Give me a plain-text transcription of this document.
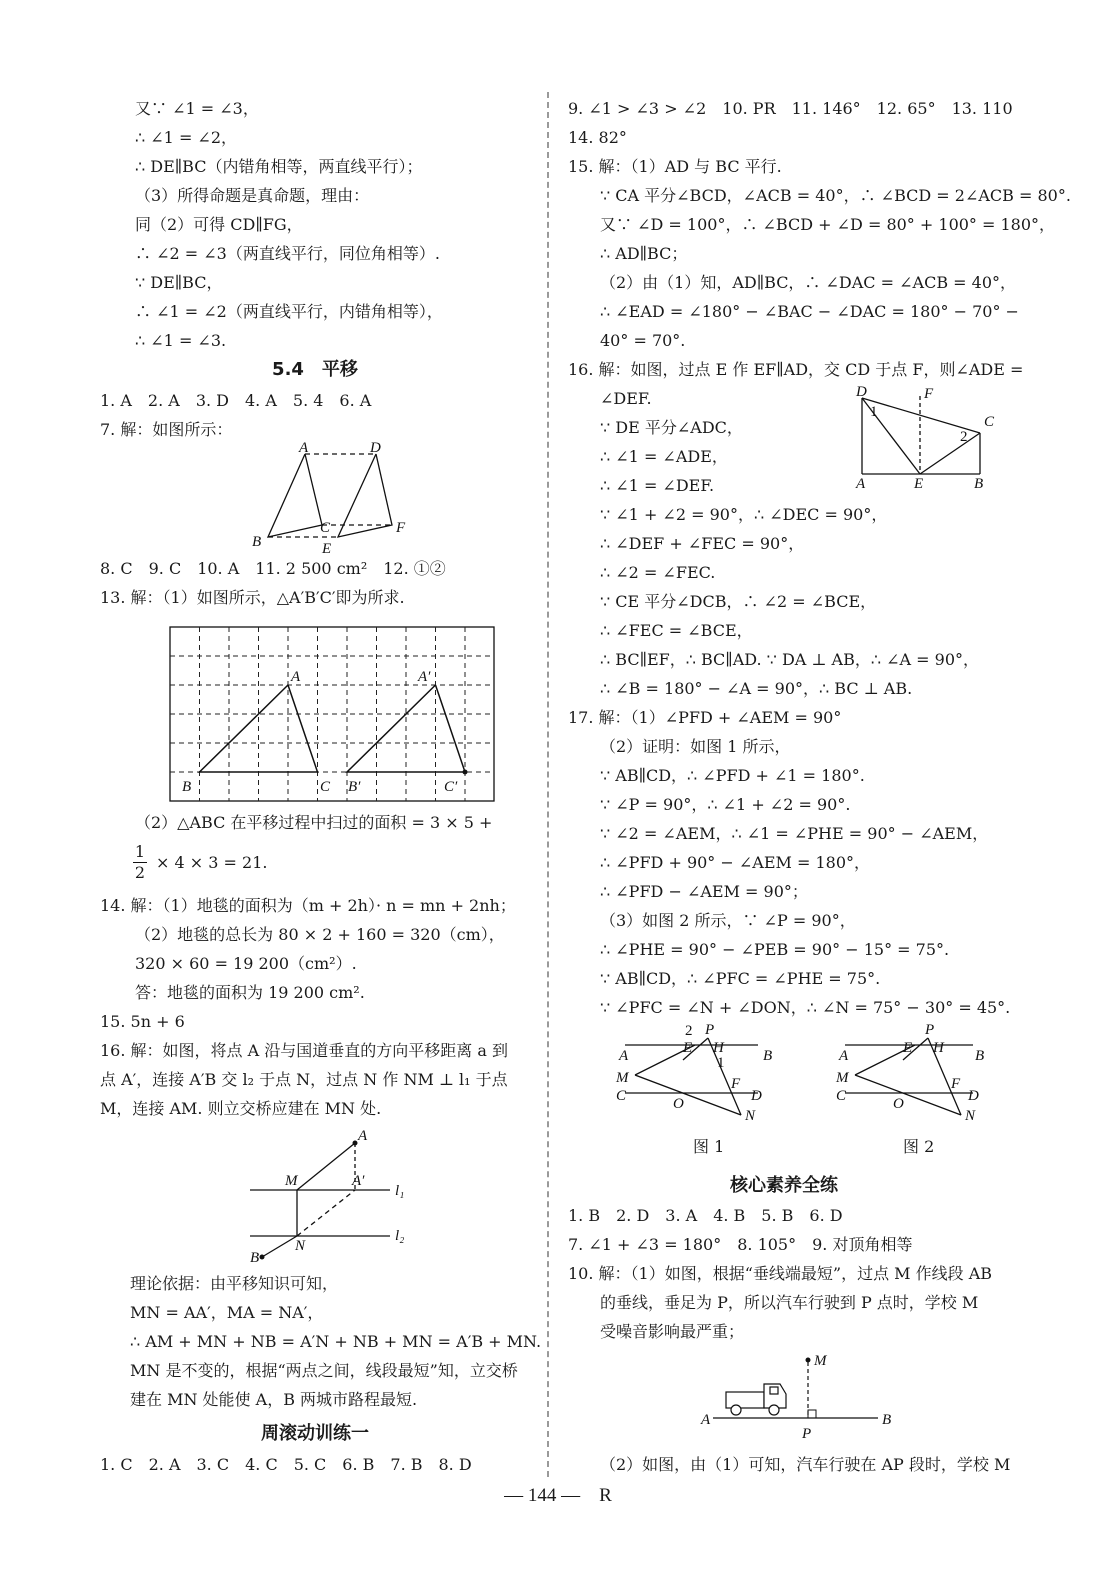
又∵ ∠1 = ∠3，
∴ ∠1 = ∠2，
∴ DE∥BC（内错角相等，两直线平行）；
（3）所得命题是真命题，理由：
同（2）可得 CD∥FG，
∴ ∠2 = ∠3（两直线平行，同位角相等）.
∵ DE∥BC，
∴ ∠1 = ∠2（两直线平行，内错角相等），
∴ ∠1 = ∠3.
5.4　平移
1. A　2. A　3. D　4. A　5. 4　6. A
7. 解：如图所示：
A	D
B
C
E
F
8. C　9. C　10. A　11. 2 500 cm²　12. ①②
13. 解：（1）如图所示，△A′B′C′即为所求.
A
B	C
A′
B′	C′
（2）△ABC 在平移过程中扫过的面积 = 3 × 5 +
× 4 × 3 = 21.
14. 解：（1）地毯的面积为（m + 2h）· n = mn + 2nh；
（2）地毯的总长为 80 × 2 + 160 = 320（cm），
320 × 60 = 19 200（cm²）.
答：地毯的面积为 19 200 cm².
15. 5n + 6
16. 解：如图，将点 A 沿与国道垂直的方向平移距离 a 到
点 A′，连接 A′B 交 l₂ 于点 N，过点 N 作 NM ⊥ l₁ 于点
M，连接 AM. 则立交桥应建在 MN 处.
1
2
A
A′
M
N
B
l₁
l₂
理论依据：由平移知识可知，
MN = AA′，MA = NA′，
∴ AM + MN + NB = A′N + NB + MN = A′B + MN.
MN 是不变的，根据“两点之间，线段最短”知，立交桥
建在 MN 处能使 A，B 两城市路程最短.
周滚动训练一
1. C　2. A　3. C　4. C　5. C　6. B　7. B　8. D
9. ∠1 > ∠3 > ∠2　10. PR　11. 146°　12. 65°　13. 110
14. 82°
15. 解：（1）AD 与 BC 平行.
∵ CA 平分∠BCD，∠ACB = 40°，∴ ∠BCD = 2∠ACB = 80°.
又∵ ∠D = 100°，∴ ∠BCD + ∠D = 80° + 100° = 180°，
∴ AD∥BC；
（2）由（1）知，AD∥BC，∴ ∠DAC = ∠ACB = 40°，
∴ ∠EAD = ∠180° − ∠BAC − ∠DAC = 180° − 70° −
40° = 70°.
16. 解：如图，过点 E 作 EF∥AD，交 CD 于点 F，则∠ADE =
∠DEF.
∵ DE 平分∠ADC，
∴ ∠1 = ∠ADE，
∴ ∠1 = ∠DEF.
∵ ∠1 + ∠2 = 90°，∴ ∠DEC = 90°，
∴ ∠DEF + ∠FEC = 90°，
∴ ∠2 = ∠FEC.
∵ CE 平分∠DCB，∴ ∠2 = ∠BCE，
∴ ∠FEC = ∠BCE，
∴ BC∥EF，∴ BC∥AD. ∵ DA ⊥ AB，∴ ∠A = 90°，
∴ ∠B = 180° − ∠A = 90°，∴ BC ⊥ AB.
17. 解：（1）∠PFD + ∠AEM = 90°
（2）证明：如图 1 所示，
∵ AB∥CD，∴ ∠PFD + ∠1 = 180°.
∵ ∠P = 90°，∴ ∠1 + ∠2 = 90°.
∵ ∠2 = ∠AEM，∴ ∠1 = ∠PHE = 90° − ∠AEM，
∴ ∠PFD + 90° − ∠AEM = 180°，
∴ ∠PFD − ∠AEM = 90°；
（3）如图 2 所示，∵ ∠P = 90°，
∴ ∠PHE = 90° − ∠PEB = 90° − 15° = 75°.
∵ AB∥CD，∴ ∠PFC = ∠PHE = 75°.
∵ ∠PFC = ∠N + ∠DON，∴ ∠N = 75° − 30° = 45°.
D	F
C
A	E	B
1
2
2 P
E H
A	B
1
M	F
C	O	D
N
图 1
P
E H
A	B
M	F
C	O	D
N
图 2
核心素养全练
1. B　2. D　3. A　4. B　5. B　6. D
7. ∠1 + ∠3 = 180°　8. 105°　9. 对顶角相等
10. 解：（1）如图，根据“垂线端最短”，过点 M 作线段 AB
的垂线，垂足为 P，所以汽车行驶到 P 点时，学校 M
受噪音影响最严重；
（2）如图，由（1）可知，汽车行驶在 AP 段时，学校 M
M
A	B
P
— 144 —　R
